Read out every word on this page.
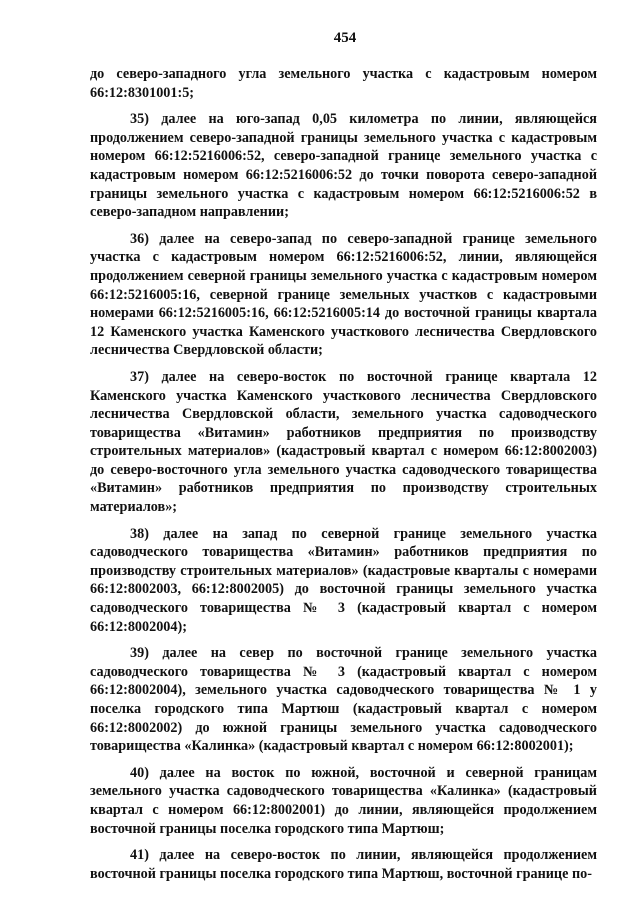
454

до северо-западного угла земельного участка с кадастровым номером 66:12:8301001:5;

35) далее на юго-запад 0,05 километра по линии, являющейся продолжением северо-западной границы земельного участка с кадастровым номером 66:12:5216006:52, северо-западной границе земельного участка с кадастровым номером 66:12:5216006:52 до точки поворота северо-западной границы земельного участка с кадастровым номером 66:12:5216006:52 в северо-западном направлении;

36) далее на северо-запад по северо-западной границе земельного участка с кадастровым номером 66:12:5216006:52, линии, являющейся продолжением северной границы земельного участка с кадастровым номером 66:12:5216005:16, северной границе земельных участков с кадастровыми номерами 66:12:5216005:16, 66:12:5216005:14 до восточной границы квартала 12 Каменского участка Каменского участкового лесничества Свердловского лесничества Свердловской области;

37) далее на северо-восток по восточной границе квартала 12 Каменского участка Каменского участкового лесничества Свердловского лесничества Свердловской области, земельного участка садоводческого товарищества «Витамин» работников предприятия по производству строительных материалов» (кадастровый квартал с номером 66:12:8002003) до северо-восточного угла земельного участка садоводческого товарищества «Витамин» работников предприятия по производству строительных материалов»;

38) далее на запад по северной границе земельного участка садоводческого товарищества «Витамин» работников предприятия по производству строительных материалов» (кадастровые кварталы с номерами 66:12:8002003, 66:12:8002005) до восточной границы земельного участка садоводческого товарищества № 3 (кадастровый квартал с номером 66:12:8002004);

39) далее на север по восточной границе земельного участка садоводческого товарищества № 3 (кадастровый квартал с номером 66:12:8002004), земельного участка садоводческого товарищества № 1 у поселка городского типа Мартюш (кадастровый квартал с номером 66:12:8002002) до южной границы земельного участка садоводческого товарищества «Калинка» (кадастровый квартал с номером 66:12:8002001);

40) далее на восток по южной, восточной и северной границам земельного участка садоводческого товарищества «Калинка» (кадастровый квартал с номером 66:12:8002001) до линии, являющейся продолжением восточной границы поселка городского типа Мартюш;

41) далее на северо-восток по линии, являющейся продолжением восточной границы поселка городского типа Мартюш, восточной границе по-
